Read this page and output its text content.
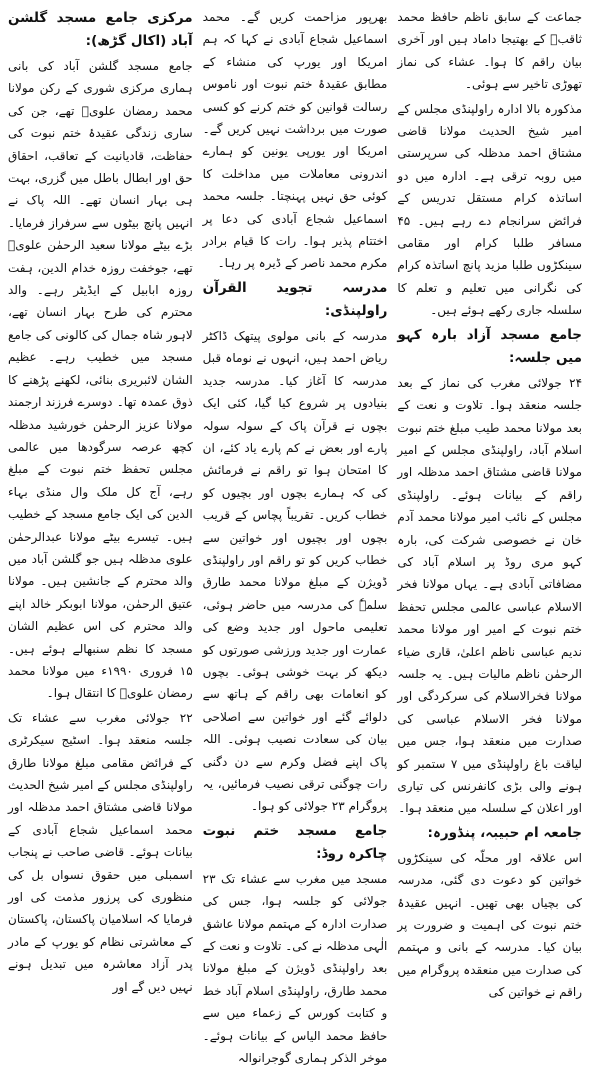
مرکزی جامع مسجد گلشن آباد (اکال گڑھ):

جامع مسجد گلشن آباد کی بانی ہماری مرکزی شوری کے رکن مولانا محمد رمضان علویؒ تھے، جن کی ساری زندگی عقیدۂ ختم نبوت کی حفاظت، قادیانیت کے تعاقب، احقاق حق اور ابطال باطل میں گزری، بہت ہی بہار انسان تھے۔ اللہ پاک نے انہیں پانچ بیٹوں سے سرفراز فرمایا۔ بڑے بیٹے مولانا سعید الرحمٰن علویؒ تھے، جوخفت روزہ خدام الدین، ہفت روزہ ابابیل کے ایڈیٹر رہے۔ والد محترم کی طرح بہار انسان تھے، لاہور شاہ جمال کی کالونی کی جامع مسجد میں خطیب رہے۔ عظیم الشان لائبریری بنائی، لکھنے پڑھنے کا ذوق عمدہ تھا۔ دوسرے فرزند ارجمند مولانا عزیز الرحمٰن خورشید مدظلہ کچھ عرصہ سرگودھا میں عالمی مجلس تحفظ ختم نبوت کے مبلغ رہے، آج کل ملک وال منڈی بہاء الدین کی ایک جامع مسجد کے خطیب ہیں۔ تیسرے بیٹے مولانا عبدالرحمٰن علوی مدظلہ ہیں جو گلشن آباد میں والد محترم کے جانشین ہیں۔ مولانا عتیق الرحمٰن، مولانا ابوبکر خالد اپنے والد محترم کی اس عظیم الشان مسجد کا نظم سنبھالے ہوئے ہیں۔ ۱۵ فروری ۱۹۹۰ء میں مولانا محمد رمضان علویؒ کا انتقال ہوا۔

۲۲ جولائی مغرب سے عشاء تک جلسہ منعقد ہوا۔ اسٹیج سیکرٹری کے فرائض مقامی مبلغ مولانا طارق راولپنڈی مجلس کے امیر شیخ الحدیث مولانا قاضی مشتاق احمد مدظلہ اور محمد اسماعیل شجاع آبادی کے بیانات ہوئے۔ قاضی صاحب نے پنجاب اسمبلی میں حقوق نسواں بل کی منظوری کی پرزور مذمت کی اور فرمایا کہ اسلامیان پاکستان، پاکستان کے معاشرتی نظام کو یورپ کے مادر پدر آزاد معاشرہ میں تبدیل ہونے نہیں دیں گے اور

بھرپور مزاحمت کریں گے۔ محمد اسماعیل شجاع آبادی نے کہا کہ ہم امریکا اور یورپ کی منشاء کے مطابق عقیدۂ ختم نبوت اور ناموس رسالت قوانین کو ختم کرنے کو کسی صورت میں برداشت نہیں کریں گے۔ امریکا اور یورپی یونین کو ہمارے اندرونی معاملات میں مداخلت کا کوئی حق نہیں پہنچتا۔ جلسہ محمد اسماعیل شجاع آبادی کی دعا پر اختتام پذیر ہوا۔ رات کا قیام برادر مکرم محمد ناصر کے ڈیرہ پر رہا۔

مدرسہ تجوید القرآن راولپنڈی:

مدرسہ کے بانی مولوی پیتھک ڈاکٹر ریاض احمد ہیں، انہوں نے نوماہ قبل مدرسہ کا آغاز کیا۔ مدرسہ جدید بنیادوں پر شروع کیا گیا، کئی ایک بچوں نے قرآن پاک کے سولہ سولہ پارے اور بعض نے کم پارے یاد کئے، ان کا امتحان ہوا تو راقم نے فرمائش کی کہ ہمارے بچوں اور بچیوں کو خطاب کریں۔ تقریباً پچاس کے قریب بچوں اور بچیوں اور خواتین سے خطاب کریں کو تو راقم اور راولپنڈی ڈویژن کے مبلغ مولانا محمد طارق سلمہٗ کی مدرسہ میں حاضر ہوئی، تعلیمی ماحول اور جدید وضع کی عمارت اور جدید ورزشی صورتوں کو دیکھ کر بہت خوشی ہوئی۔ بچوں کو انعامات بھی راقم کے ہاتھ سے دلوائے گئے اور خواتین سے اصلاحی بیان کی سعادت نصیب ہوئی۔ اللہ پاک اپنے فضل وکرم سے دن دگنی رات چوگنی ترقی نصیب فرمائیں، یہ پروگرام ۲۳ جولائی کو ہوا۔

جامع مسجد ختم نبوت چاکرہ روڈ:

مسجد میں مغرب سے عشاء تک ۲۳ جولائی کو جلسہ ہوا، جس کی صدارت ادارہ کے مہتمم مولانا عاشق الٰہی مدظلہ نے کی۔ تلاوت و نعت کے بعد راولپنڈی ڈویژن کے مبلغ مولانا محمد طارق، راولپنڈی اسلام آباد خط و کتابت کورس کے زعماء میں سے حافظ محمد الیاس کے بیانات ہوئے۔ موخر الذکر ہماری گوجرانوالہ

جماعت کے سابق ناظم حافظ محمد ثاقبؒ کے بھتیجا داماد ہیں اور آخری بیان راقم کا ہوا۔ عشاء کی نماز تھوڑی تاخیر سے ہوئی۔

مذکورہ بالا ادارہ راولپنڈی مجلس کے امیر شیخ الحدیث مولانا قاضی مشتاق احمد مدظلہ کی سرپرستی میں روبہ ترقی ہے۔ ادارہ میں دو اساتذہ کرام مستقل تدریس کے فرائض سرانجام دے رہے ہیں۔ ۴۵ مسافر طلبا کرام اور مقامی سینکڑوں طلبا مزید پانچ اساتذہ کرام کی نگرانی میں تعلیم و تعلم کا سلسلہ جاری رکھے ہوئے ہیں۔

جامع مسجد آزاد بارہ کہو میں جلسہ:

۲۴ جولائی مغرب کی نماز کے بعد جلسہ منعقد ہوا۔ تلاوت و نعت کے بعد مولانا محمد طیب مبلغ ختم نبوت اسلام آباد، راولپنڈی مجلس کے امیر مولانا قاضی مشتاق احمد مدظلہ اور راقم کے بیانات ہوئے۔ راولپنڈی مجلس کے نائب امیر مولانا محمد آدم خان نے خصوصی شرکت کی، بارہ کہو مری روڈ پر اسلام آباد کی مضافاتی آبادی ہے۔ یہاں مولانا فخر الاسلام عباسی عالمی مجلس تحفظ ختم نبوت کے امیر اور مولانا محمد ندیم عباسی ناظم اعلیٰ، قاری ضیاء الرحمٰن ناظم مالیات ہیں۔ یہ جلسہ مولانا فخرالاسلام کی سرکردگی اور مولانا فخر الاسلام عباسی کی صدارت میں منعقد ہوا، جس میں لیاقت باغ راولپنڈی میں ۷ ستمبر کو ہونے والی بڑی کانفرنس کی تیاری اور اعلان کے سلسلہ میں منعقد ہوا۔

جامعہ ام حبیبہ، پنڈورہ:

اس علاقہ اور محلّہ کی سینکڑوں خواتین کو دعوت دی گئی، مدرسہ کی بچیاں بھی تھیں۔ انہیں عقیدۂ ختم نبوت کی اہمیت و ضرورت پر بیان کیا۔ مدرسہ کے بانی و مہتمم کی صدارت میں منعقدہ پروگرام میں راقم نے خواتین کی
